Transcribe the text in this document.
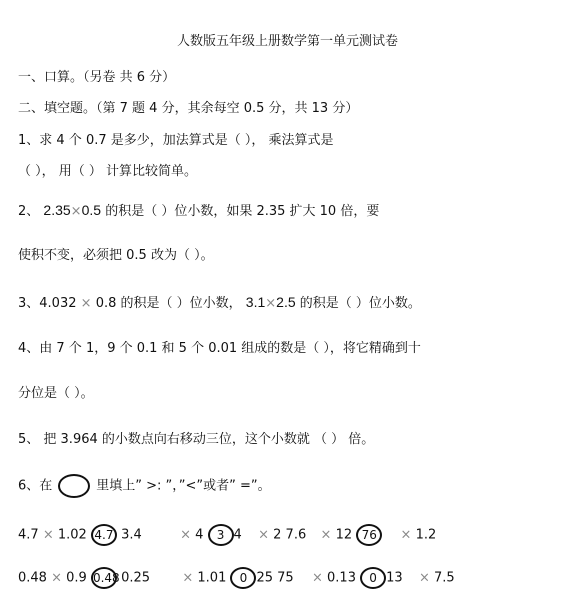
人数版五年级上册数学第一单元测试卷
一、口算。（另卷 共 6 分）
二、填空题。（第 7 题 4 分，其余每空 0.5 分，共 13 分）
1、求 4 个 0.7 是多少，加法算式是（ ）， 乘法算式是
（ ）， 用（ ） 计算比较简单。
2、 2.35×0.5 的积是（ ）位小数，如果 2.35 扩大 10 倍，要
使积不变，必须把 0.5 改为（ ）。
3、4.032 × 0.8 的积是（ ）位小数， 3.1×2.5 的积是（ ）位小数。
4、由 7 个 1，9 个 0.1 和 5 个 0.01 组成的数是（ ），将它精确到十
分位是（ ）。
5、 把 3.964 的小数点向右移动三位，这个小数就 （ ） 倍。
6、在	里填上” >: ”，”<”或者” =”。
4.7 × 1.02 4.7 3.4	× 4 3 4 × 2 7.6 × 12 76 × 1.2
0.48 × 0.9 0.48 0.25 × 1.01 0 25 75 × 0.13 0 13 × 7.5
